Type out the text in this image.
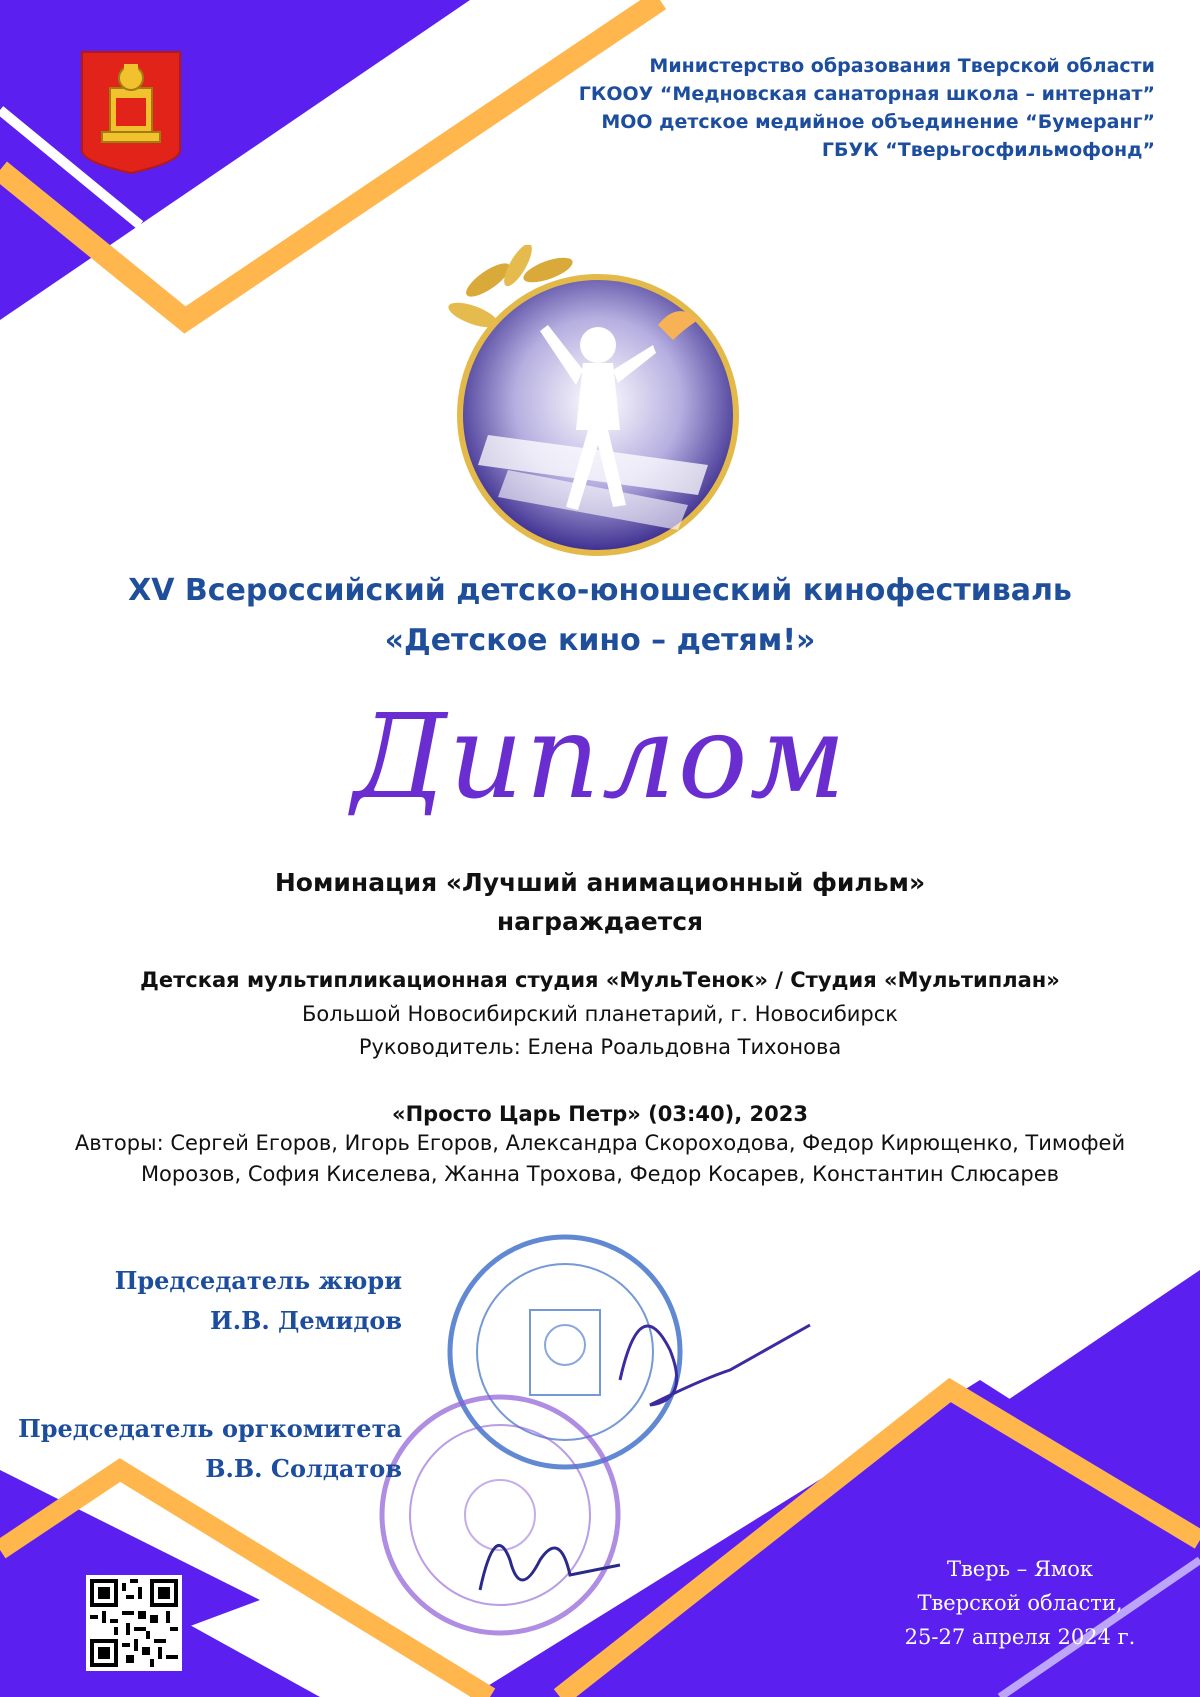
Министерство образования Тверской области
ГКООУ “Медновская санаторная школа – интернат”
МОО детское медийное объединение “Бумеранг”
ГБУК “Тверьгосфильмофонд”
XV Всероссийский детско-юношеский кинофестиваль
«Детское кино – детям!»
Диплом
Номинация «Лучший анимационный фильм»
награждается
Детская мультипликационная студия «МульТенок» / Студия «Мультиплан»
Большой Новосибирский планетарий, г. Новосибирск
Руководитель: Елена Роальдовна Тихонова
«Просто Царь Петр» (03:40), 2023
Авторы: Сергей Егоров, Игорь Егоров, Александра Скороходова, Федор Кирющенко, Тимофей
Морозов, София Киселева, Жанна Трохова, Федор Косарев, Константин Слюсарев
Председатель жюри
И.В. Демидов
Председатель оргкомитета
В.В. Солдатов
Тверь – Ямок
Тверской области,
25-27 апреля 2024 г.
